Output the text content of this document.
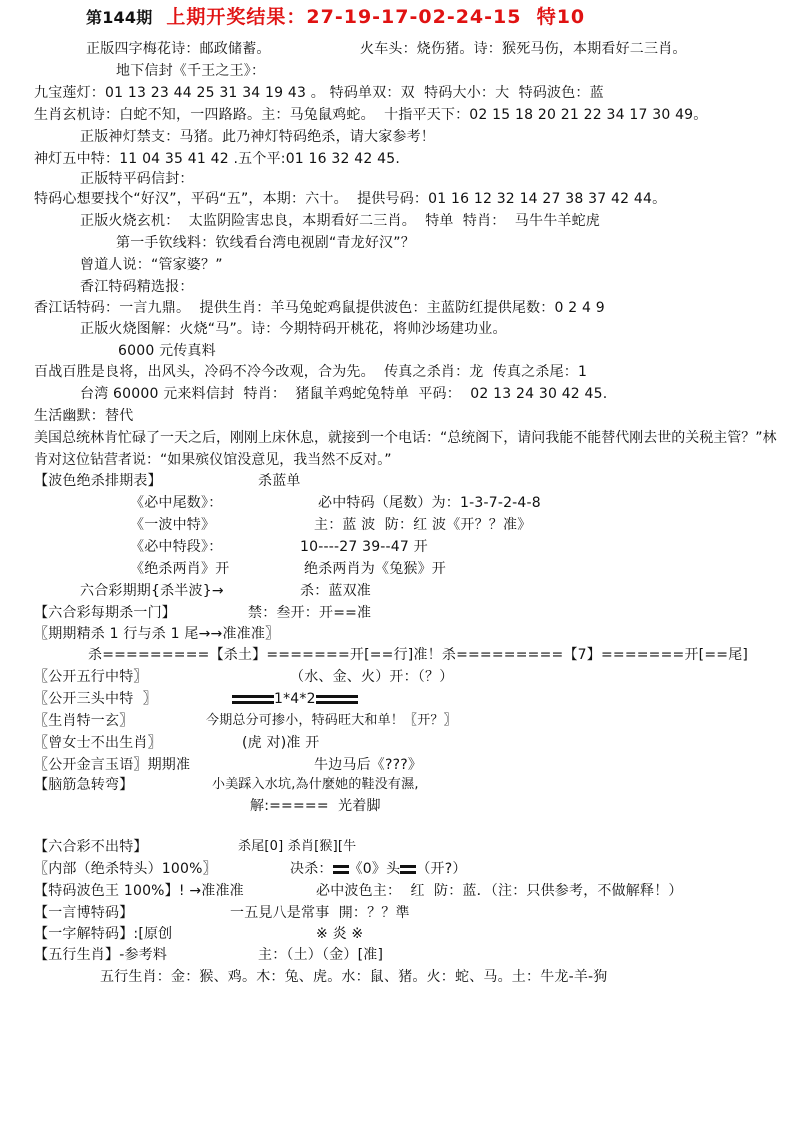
第144期 上期开奖结果：27-19-17-02-24-15  特10
正版四字梅花诗：邮政储蓄。	火车头：烧伤猪。诗：猴死马伤，本期看好二三肖。
地下信封《千王之王》：
九宝莲灯：01 13 23 44 25 31 34 19 43 。 特码单双：双  特码大小：大  特码波色：蓝
生肖玄机诗：白蛇不知，一四路路。主：马兔鼠鸡蛇。  十指平天下：02 15 18 20 21 22 34 17 30 49。
正版神灯禁支：马猪。此乃神灯特码绝杀，请大家参考！
神灯五中特：11 04 35 41 42 .五个平:01 16 32 42 45.
正版特平码信封：
特码心想要找个“好汉”，平码“五”，本期：六十。  提供号码：01 16 12 32 14 27 38 37 42 44。
正版火烧玄机：  太监阴险害忠良，本期看好二三肖。  特单  特肖：  马牛牛羊蛇虎
第一手钦线料：钦线看台湾电视剧“青龙好汉”？
曾道人说：“管家婆？”
香江特码精选报：
香江话特码：一言九鼎。  提供生肖：羊马兔蛇鸡鼠提供波色：主蓝防红提供尾数：0 2 4 9
正版火烧图解：火烧“马”。诗：今期特码开桃花，将帅沙场建功业。
6000 元传真料
百战百胜是良将，出风头，冷码不冷今改观，合为先。  传真之杀肖：龙  传真之杀尾：1
台湾 60000 元来料信封  特肖：  猪鼠羊鸡蛇兔特单  平码：  02 13 24 30 42 45.
生活幽默：替代
美国总统林肯忙碌了一天之后，刚刚上床休息，就接到一个电话：“总统阁下，请问我能不能替代刚去世的关税主管？”林肯对这位钻营者说：“如果殡仪馆没意见，我当然不反对。”
【波色绝杀排期表】	杀蓝单
《必中尾数》：	必中特码（尾数）为：1-3-7-2-4-8
《一波中特》	主：蓝 波  防：红 波《开？？准》
《必中特段》：	10----27 39--47 开
《绝杀两肖》开	绝杀两肖为《兔猴》开
六合彩期期{杀半波}→	杀：蓝双准
【六合彩每期杀一门】	禁：叁开：开==准
〖期期精杀 1 行与杀 1 尾→→准准准〗
杀=========【杀土】=======开[==行]准！杀=========【7】=======开[==尾]
〖公开五行中特〗	（水、金、火）开：（？）
〖公开三头中特  〗	1*4*2
〖生肖特一玄〗	今期总分可掺小，特码旺大和单！〖开？〗
〖曾女士不出生肖〗	(虎 对)准 开
〖公开金言玉语〗期期准	牛边马后《???》
【脑筋急转弯】	小美踩入水坑,為什麼她的鞋没有濕,
解:=====  光着脚
【六合彩不出特】	杀尾[0] 杀肖[猴][牛
〖内部（绝杀特头）100%〗	决杀： 《0》头 （开?）
【特码波色王 100%】! →准准准	必中波色主：  红  防：蓝．（注：只供参考，不做解释！）
【一言博特码】	一五見八是常事  開：？？準
【一字解特码】:[原创	※ 炎 ※
【五行生肖】-参考料	主：（土）（金）[准]
五行生肖：金：猴、鸡。木：兔、虎。水：鼠、猪。火：蛇、马。土：牛龙-羊-狗
